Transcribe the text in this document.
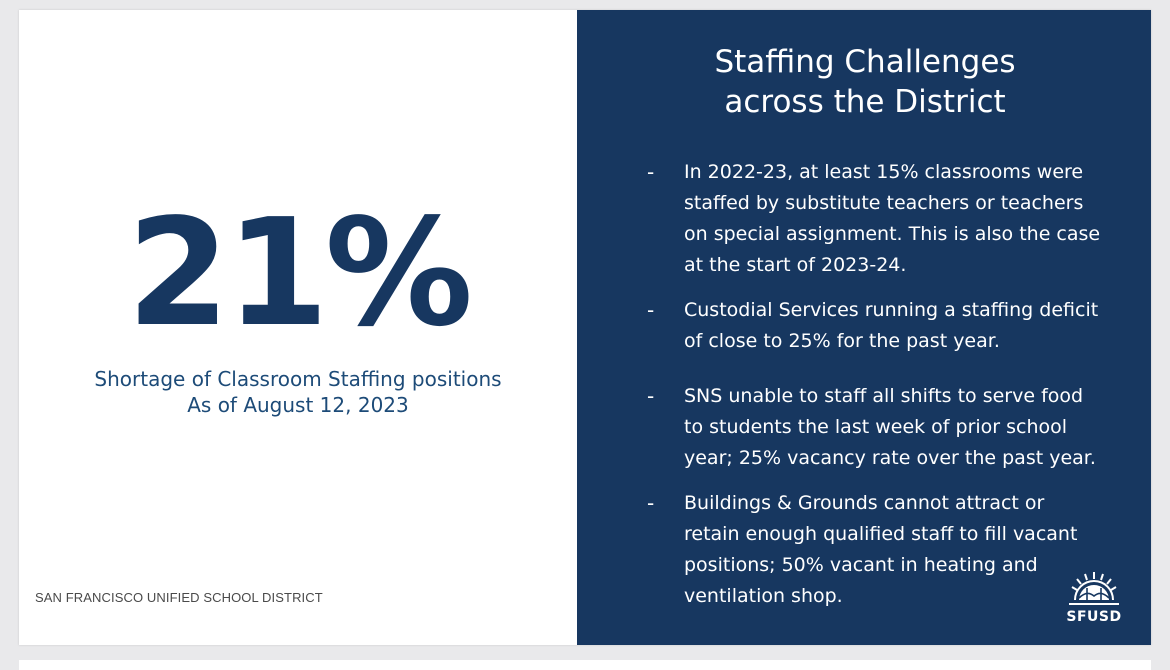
21%
Shortage of Classroom Staffing positions
As of August 12, 2023
SAN FRANCISCO UNIFIED SCHOOL DISTRICT
Staffing Challenges
across the District
- In 2022-23, at least 15% classrooms were staffed by substitute teachers or teachers on special assignment. This is also the case at the start of 2023-24.
- Custodial Services running a staffing deficit of close to 25% for the past year.
- SNS unable to staff all shifts to serve food to students the last week of prior school year; 25% vacancy rate over the past year.
- Buildings & Grounds cannot attract or retain enough qualified staff to fill vacant positions; 50% vacant in heating and ventilation shop.
SFUSD
